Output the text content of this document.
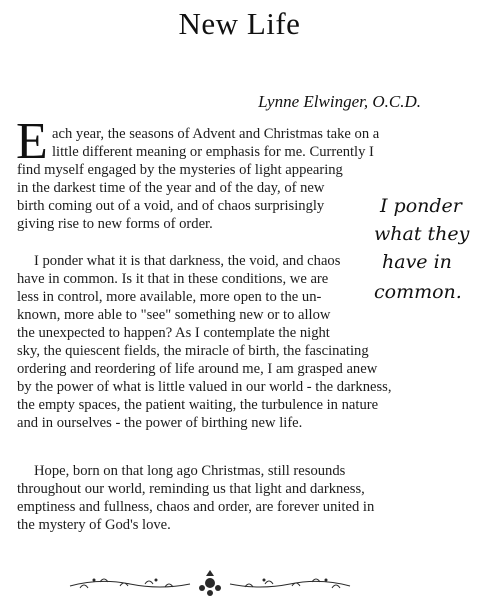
New Life
Lynne Elwinger, O.C.D.
E ach year, the seasons of Advent and Christmas take on a
little different meaning or emphasis for me. Currently I
find myself engaged by the mysteries of light appearing
in the darkest time of the year and of the day, of new
birth coming out of a void, and of chaos surprisingly
giving rise to new forms of order.
I ponder what it is that darkness, the void, and chaos
have in common. Is it that in these conditions, we are
less in control, more available, more open to the un-
known, more able to "see" something new or to allow
the unexpected to happen? As I contemplate the night
sky, the quiescent fields, the miracle of birth, the fascinating
ordering and reordering of life around me, I am grasped anew
by the power of what is little valued in our world - the darkness,
the empty spaces, the patient waiting, the turbulence in nature
and in ourselves - the power of birthing new life.
Hope, born on that long ago Christmas, still resounds
throughout our world, reminding us that light and darkness,
emptiness and fullness, chaos and order, are forever united in
the mystery of God's love.
I ponder
what they
have in
common.
